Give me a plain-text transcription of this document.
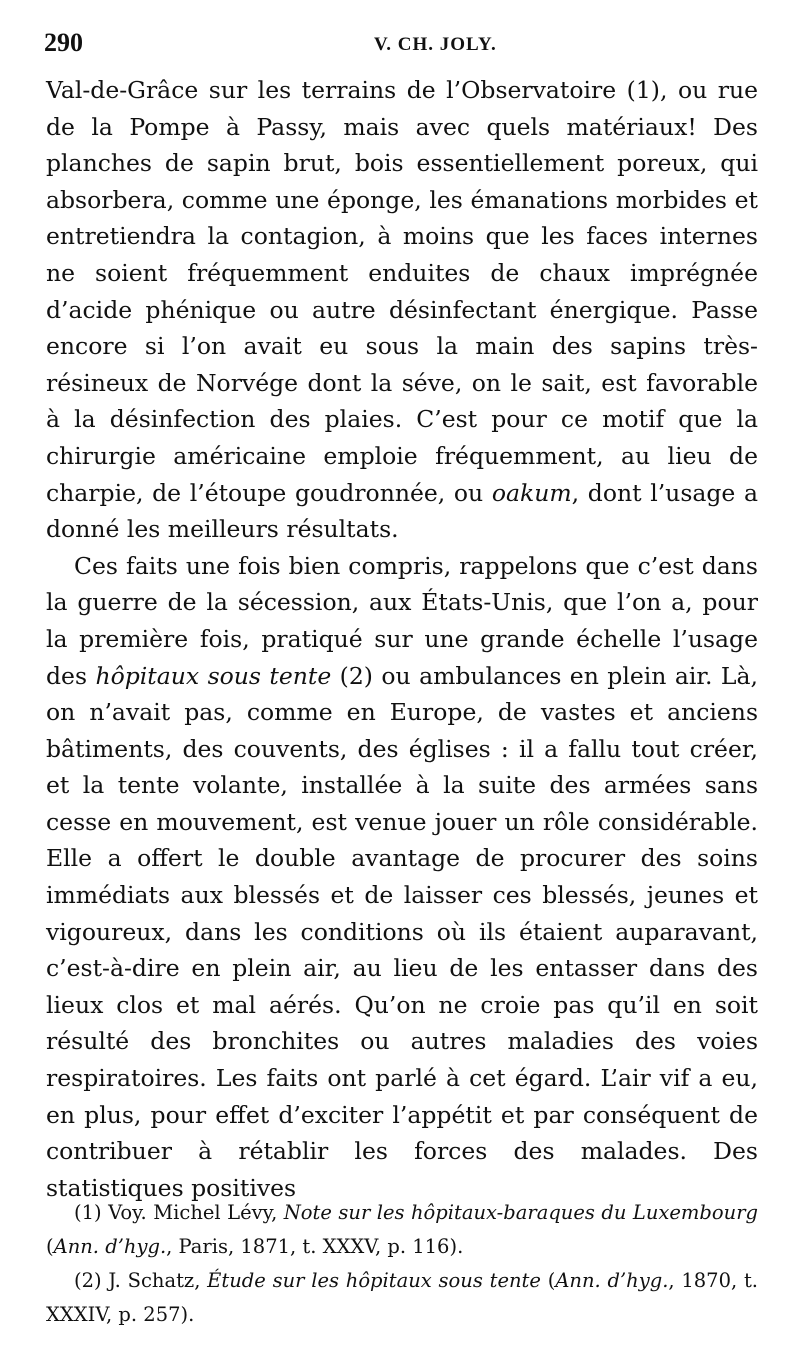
290	V. CH. JOLY.

Val-de-Grâce sur les terrains de l’Observatoire (1), ou rue de la Pompe à Passy, mais avec quels matériaux! Des planches de sapin brut, bois essentiellement poreux, qui absorbera, comme une éponge, les émanations morbides et entretiendra la contagion, à moins que les faces internes ne soient fréquemment enduites de chaux imprégnée d’acide phénique ou autre désinfectant énergique. Passe encore si l’on avait eu sous la main des sapins très-résineux de Norvége dont la séve, on le sait, est favorable à la désinfection des plaies. C’est pour ce motif que la chirurgie américaine emploie fréquemment, au lieu de charpie, de l’étoupe goudronnée, ou oakum, dont l’usage a donné les meilleurs résultats.

Ces faits une fois bien compris, rappelons que c’est dans la guerre de la sécession, aux États-Unis, que l’on a, pour la première fois, pratiqué sur une grande échelle l’usage des hôpitaux sous tente (2) ou ambulances en plein air. Là, on n’avait pas, comme en Europe, de vastes et anciens bâtiments, des couvents, des églises : il a fallu tout créer, et la tente volante, installée à la suite des armées sans cesse en mouvement, est venue jouer un rôle considérable. Elle a offert le double avantage de procurer des soins immédiats aux blessés et de laisser ces blessés, jeunes et vigoureux, dans les conditions où ils étaient auparavant, c’est-à-dire en plein air, au lieu de les entasser dans des lieux clos et mal aérés. Qu’on ne croie pas qu’il en soit résulté des bronchites ou autres maladies des voies respiratoires. Les faits ont parlé à cet égard. L’air vif a eu, en plus, pour effet d’exciter l’appétit et par conséquent de contribuer à rétablir les forces des malades. Des statistiques positives

(1) Voy. Michel Lévy, Note sur les hôpitaux-baraques du Luxembourg (Ann. d’hyg., Paris, 1871, t. XXXV, p. 116).

(2) J. Schatz, Étude sur les hôpitaux sous tente (Ann. d’hyg., 1870, t. XXXIV, p. 257).
